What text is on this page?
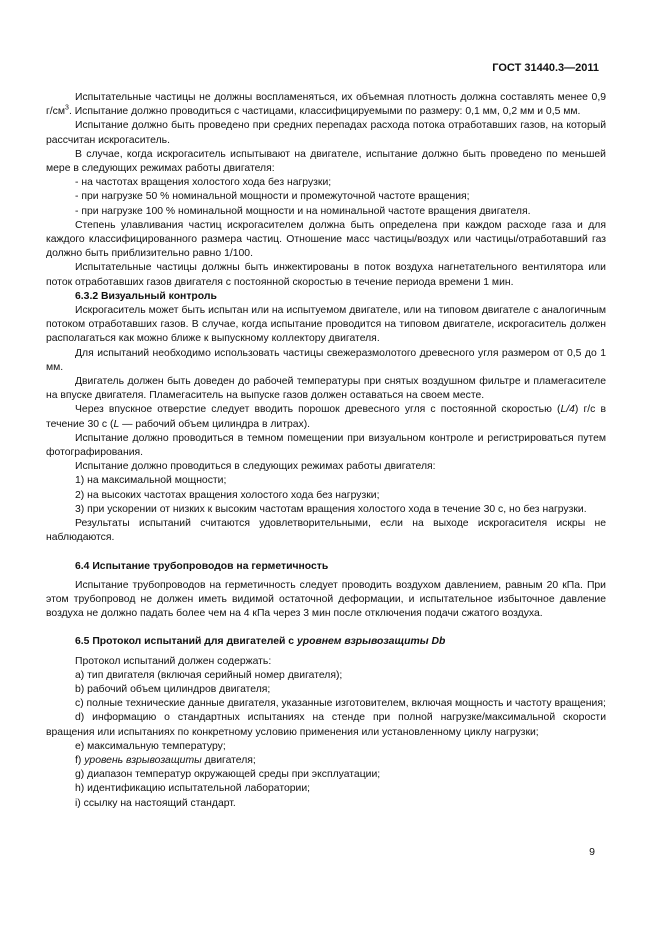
ГОСТ 31440.3—2011

Испытательные частицы не должны воспламеняться, их объемная плотность должна составлять менее 0,9 $г/см^3$. Испытание должно проводиться с частицами, классифицируемыми по размеру: 0,1 мм, 0,2 мм и 0,5 мм.

Испытание должно быть проведено при средних перепадах расхода потока отработавших газов, на который рассчитан искрогаситель.

В случае, когда искрогаситель испытывают на двигателе, испытание должно быть проведено по меньшей мере в следующих режимах работы двигателя:

- на частотах вращения холостого хода без нагрузки;

- при нагрузке 50 % номинальной мощности и промежуточной частоте вращения;

- при нагрузке 100 % номинальной мощности и на номинальной частоте вращения двигателя.

Степень улавливания частиц искрогасителем должна быть определена при каждом расходе газа и для каждого классифицированного размера частиц. Отношение масс частицы/воздух или частицы/отработавший газ должно быть приблизительно равно 1/100.

Испытательные частицы должны быть инжектированы в поток воздуха нагнетательного вентилятора или поток отработавших газов двигателя с постоянной скоростью в течение периода времени 1 мин.

6.3.2 Визуальный контроль

Искрогаситель может быть испытан или на испытуемом двигателе, или на типовом двигателе с аналогичным потоком отработавших газов. В случае, когда испытание проводится на типовом двигателе, искрогаситель должен располагаться как можно ближе к выпускному коллектору двигателя.

Для испытаний необходимо использовать частицы свежеразмолотого древесного угля размером от 0,5 до 1 мм.

Двигатель должен быть доведен до рабочей температуры при снятых воздушном фильтре и пламегасителе на впуске двигателя. Пламегаситель на выпуске газов должен оставаться на своем месте.

Через впускное отверстие следует вводить порошок древесного угля с постоянной скоростью (L/4) г/с в течение 30 с (L — рабочий объем цилиндра в литрах).

Испытание должно проводиться в темном помещении при визуальном контроле и регистрироваться путем фотографирования.

Испытание должно проводиться в следующих режимах работы двигателя:

1) на максимальной мощности;

2) на высоких частотах вращения холостого хода без нагрузки;

3) при ускорении от низких к высоким частотам вращения холостого хода в течение 30 с, но без нагрузки.

Результаты испытаний считаются удовлетворительными, если на выходе искрогасителя искры не наблюдаются.

6.4 Испытание трубопроводов на герметичность

Испытание трубопроводов на герметичность следует проводить воздухом давлением, равным 20 кПа. При этом трубопровод не должен иметь видимой остаточной деформации, и испытательное избыточное давление воздуха не должно падать более чем на 4 кПа через 3 мин после отключения подачи сжатого воздуха.

6.5 Протокол испытаний для двигателей с уровнем взрывозащиты Db

Протокол испытаний должен содержать:

a) тип двигателя (включая серийный номер двигателя);

b) рабочий объем цилиндров двигателя;

c) полные технические данные двигателя, указанные изготовителем, включая мощность и частоту вращения;

d) информацию о стандартных испытаниях на стенде при полной нагрузке/максимальной скорости вращения или испытаниях по конкретному условию применения или установленному циклу нагрузки;

e) максимальную температуру;

f) уровень взрывозащиты двигателя;

g) диапазон температур окружающей среды при эксплуатации;

h) идентификацию испытательной лаборатории;

i) ссылку на настоящий стандарт.

9
